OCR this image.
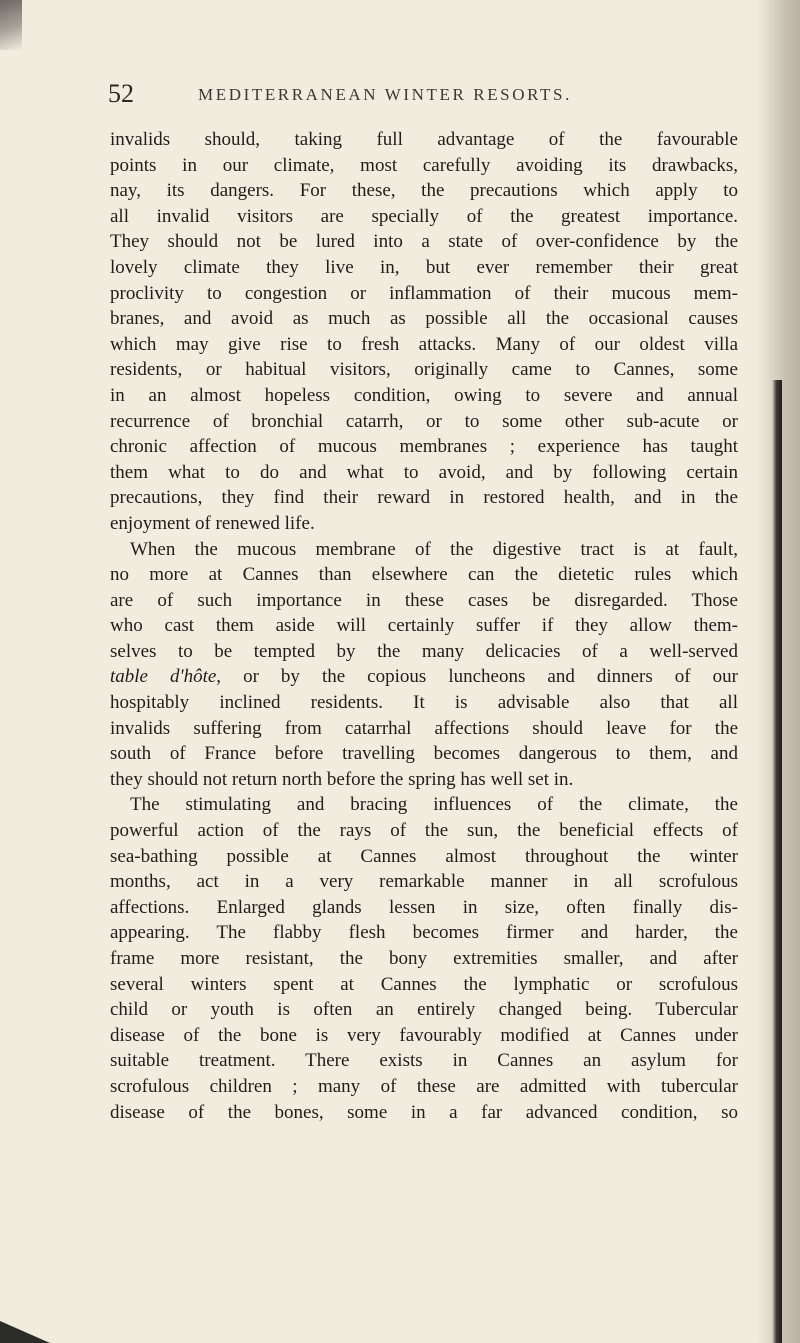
52	MEDITERRANEAN WINTER RESORTS.
invalids should, taking full advantage of the favourable
points in our climate, most carefully avoiding its drawbacks,
nay, its dangers. For these, the precautions which apply to
all invalid visitors are specially of the greatest importance.
They should not be lured into a state of over-confidence by the
lovely climate they live in, but ever remember their great
proclivity to congestion or inflammation of their mucous mem-
branes, and avoid as much as possible all the occasional causes
which may give rise to fresh attacks. Many of our oldest villa
residents, or habitual visitors, originally came to Cannes, some
in an almost hopeless condition, owing to severe and annual
recurrence of bronchial catarrh, or to some other sub-acute or
chronic affection of mucous membranes ; experience has taught
them what to do and what to avoid, and by following certain
precautions, they find their reward in restored health, and in the
enjoyment of renewed life.
When the mucous membrane of the digestive tract is at fault,
no more at Cannes than elsewhere can the dietetic rules which
are of such importance in these cases be disregarded. Those
who cast them aside will certainly suffer if they allow them-
selves to be tempted by the many delicacies of a well-served
table d'hôte, or by the copious luncheons and dinners of our
hospitably inclined residents. It is advisable also that all
invalids suffering from catarrhal affections should leave for the
south of France before travelling becomes dangerous to them, and
they should not return north before the spring has well set in.
The stimulating and bracing influences of the climate, the
powerful action of the rays of the sun, the beneficial effects of
sea-bathing possible at Cannes almost throughout the winter
months, act in a very remarkable manner in all scrofulous
affections. Enlarged glands lessen in size, often finally dis-
appearing. The flabby flesh becomes firmer and harder, the
frame more resistant, the bony extremities smaller, and after
several winters spent at Cannes the lymphatic or scrofulous
child or youth is often an entirely changed being. Tubercular
disease of the bone is very favourably modified at Cannes under
suitable treatment. There exists in Cannes an asylum for
scrofulous children ; many of these are admitted with tubercular
disease of the bones, some in a far advanced condition, so
